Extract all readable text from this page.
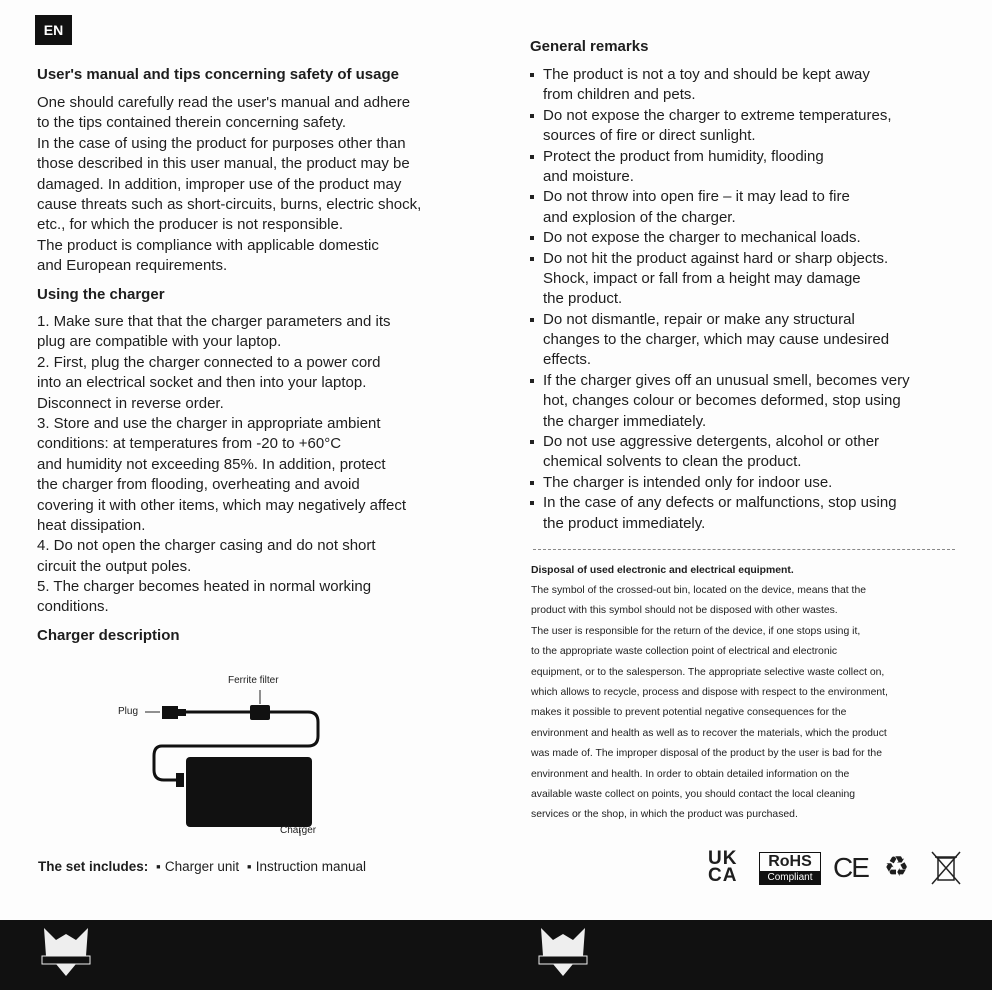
EN
User's manual and tips concerning safety of usage
One should carefully read the user's manual and adhere
to the tips contained therein concerning safety.
In the case of using the product for purposes other than
those described in this user manual, the product may be
damaged. In addition, improper use of the product may
cause threats such as short-circuits, burns, electric shock,
etc., for which the producer is not responsible.
The product is compliance with applicable domestic
and European requirements.
Using the charger
1. Make sure that that the charger parameters and its
plug are compatible with your laptop.
2. First, plug the charger connected to a power cord
into an electrical socket and then into your laptop.
Disconnect in reverse order.
3. Store and use the charger in appropriate ambient
conditions: at temperatures from -20 to +60°C
and humidity not exceeding 85%. In addition, protect
the charger from flooding, overheating and avoid
covering it with other items, which may negatively affect
heat dissipation.
4. Do not open the charger casing and do not short
circuit the output poles.
5. The charger becomes heated in normal working
conditions.
Charger description
Ferrite filter
Plug
Charger
The set includes: ▪ Charger unit ▪ Instruction manual
General remarks
The product is not a toy and should be kept away
from children and pets.
Do not expose the charger to extreme temperatures,
sources of fire or direct sunlight.
Protect the product from humidity, flooding
and moisture.
Do not throw into open fire – it may lead to fire
and explosion of the charger.
Do not expose the charger to mechanical loads.
Do not hit the product against hard or sharp objects.
Shock, impact or fall from a height may damage
the product.
Do not dismantle, repair or make any structural
changes to the charger, which may cause undesired
effects.
If the charger gives off an unusual smell, becomes very
hot, changes colour or becomes deformed, stop using
the charger immediately.
Do not use aggressive detergents, alcohol or other
chemical solvents to clean the product.
The charger is intended only for indoor use.
In the case of any defects or malfunctions, stop using
the product immediately.
Disposal of used electronic and electrical equipment.
The symbol of the crossed-out bin, located on the device, means that the
product with this symbol should not be disposed with other wastes.
The user is responsible for the return of the device, if one stops using it,
to the appropriate waste collection point of electrical and electronic
equipment, or to the salesperson. The appropriate selective waste collect on,
which allows to recycle, process and dispose with respect to the environment,
makes it possible to prevent potential negative consequences for the
environment and health as well as to recover the materials, which the product
was made of. The improper disposal of the product by the user is bad for the
environment and health. In order to obtain detailed information on the
available waste collect on points, you should contact the local cleaning
services or the shop, in which the product was purchased.
UK
CA
RoHS
Compliant CE ♻
